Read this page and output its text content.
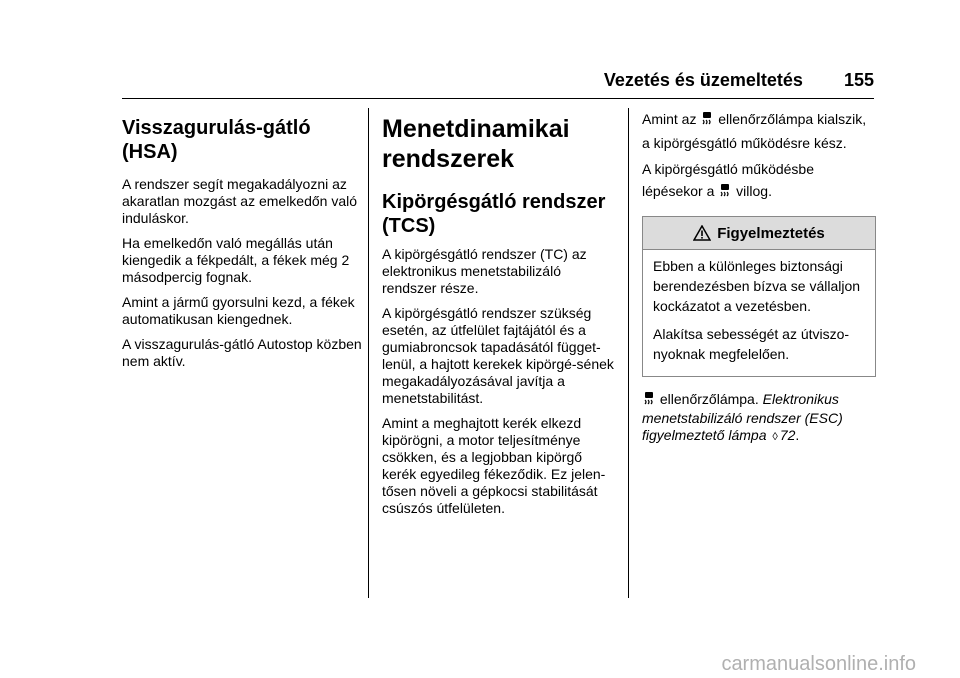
Vezetés és üzemeltetés 155
Visszagurulás-gátló (HSA)

A rendszer segít megakadályozni az akaratlan mozgást az emelkedőn való induláskor.

Ha emelkedőn való megállás után kiengedik a fékpedált, a fékek még 2 másodpercig fognak.

Amint a jármű gyorsulni kezd, a fékek automatikusan kiengednek.

A visszagurulás-gátló Autostop közben nem aktív.

Menetdinamikai rendszerek
Kipörgésgátló rendszer (TCS)

A kipörgésgátló rendszer (TC) az elektronikus menetstabilizáló rendszer része.

A kipörgésgátló rendszer szükség esetén, az útfelület fajtájától és a gumiabroncsok tapadásától függet-lenül, a hajtott kerekek kipörgé-sének megakadályozásával javítja a menetstabilitást.

Amint a meghajtott kerék elkezd kipörögni, a motor teljesítménye csökken, és a legjobban kipörgő kerék egyedileg fékeződik. Ez jelen-tősen növeli a gépkocsi stabilitását csúszós útfelületen.

Amint az ellenőrzőlámpa kialszik, a kipörgésgátló működésre kész.

A kipörgésgátló működésbe lépésekor a villog.

Figyelmeztetés

Ebben a különleges biztonsági berendezésben bízva se vállaljon kockázatot a vezetésben.

Alakítsa sebességét az útviszo-nyoknak megfelelően.

ellenőrzőlámpa. Elektronikus menetstabilizáló rendszer (ESC) figyelmeztető lámpa ◊ 72.

carmanualsonline.info
